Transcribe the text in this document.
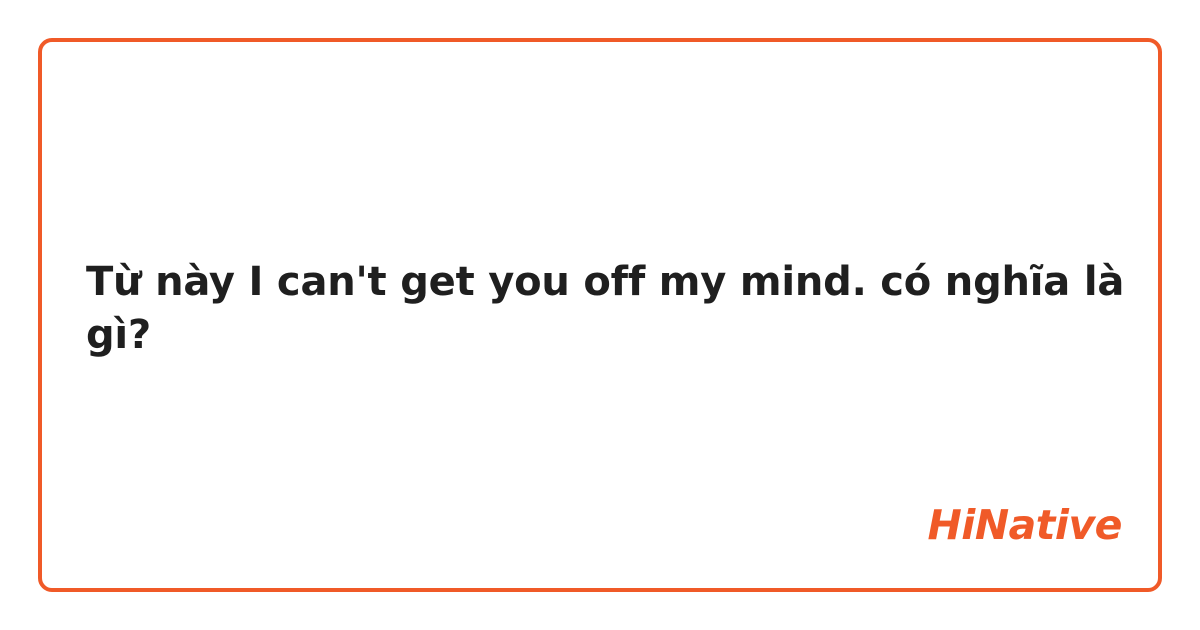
Từ này I can't get you off my mind. có nghĩa là gì?

HiNative
